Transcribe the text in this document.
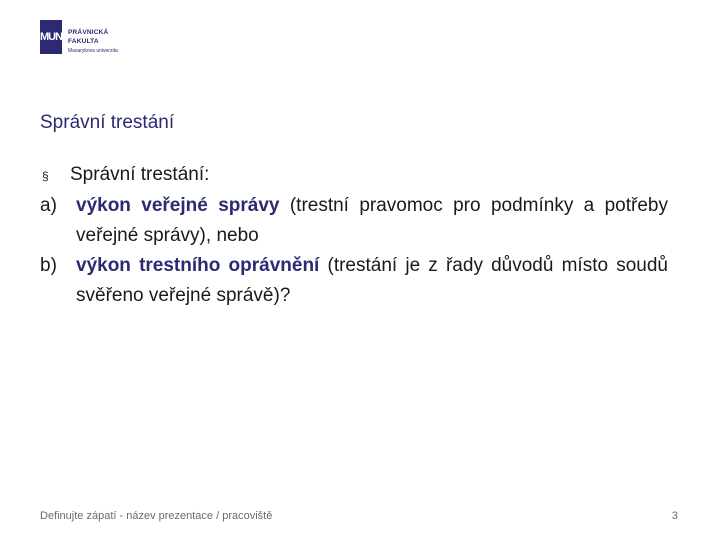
MUNI PRÁVNICKÁ
FAKULTA
Masarykova univerzita
Správní trestání
§	Správní trestání:
a) výkon veřejné správy (trestní pravomoc pro podmínky a potřeby veřejné správy), nebo
b) výkon trestního oprávnění (trestání je z řady důvodů místo soudů svěřeno veřejné správě)?
Definujte zápatí - název prezentace / pracoviště	3
